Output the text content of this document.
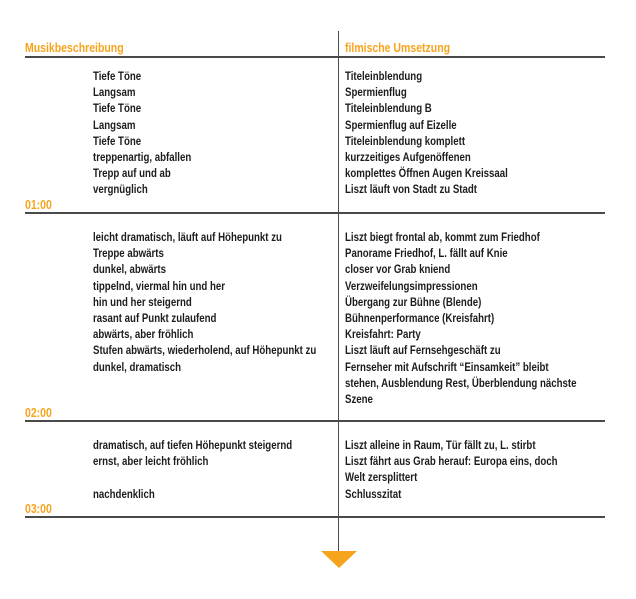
Musikbeschreibung	filmische Umsetzung
Tiefe Töne
Langsam
Tiefe Töne
Langsam
Tiefe Töne
treppenartig, abfallen
Trepp auf und ab
vergnüglich
Titeleinblendung
Spermienflug
Titeleinblendung B
Spermienflug auf Eizelle
Titeleinblendung komplett
kurzzeitiges Aufgenöffenen
komplettes Öffnen Augen Kreissaal
Liszt läuft von Stadt zu Stadt
01:00
leicht dramatisch, läuft auf Höhepunkt zu
Treppe abwärts
dunkel, abwärts
tippelnd, viermal hin und her
hin und her steigernd
rasant auf Punkt zulaufend
abwärts, aber fröhlich
Stufen abwärts, wiederholend, auf Höhepunkt zu
dunkel, dramatisch
Liszt biegt frontal ab, kommt zum Friedhof
Panorame Friedhof, L. fällt auf Knie
closer vor Grab kniend
Verzweifelungsimpressionen
Übergang zur Bühne (Blende)
Bühnenperformance (Kreisfahrt)
Kreisfahrt: Party
Liszt läuft auf Fernsehgeschäft zu
Fernseher mit Aufschrift “Einsamkeit” bleibt
stehen, Ausblendung Rest, Überblendung nächste
Szene
02:00
dramatisch, auf tiefen Höhepunkt steigernd
ernst, aber leicht fröhlich
nachdenklich
Liszt alleine in Raum, Tür fällt zu, L. stirbt
Liszt fährt aus Grab herauf: Europa eins, doch
Welt zersplittert
Schlusszitat
03:00
